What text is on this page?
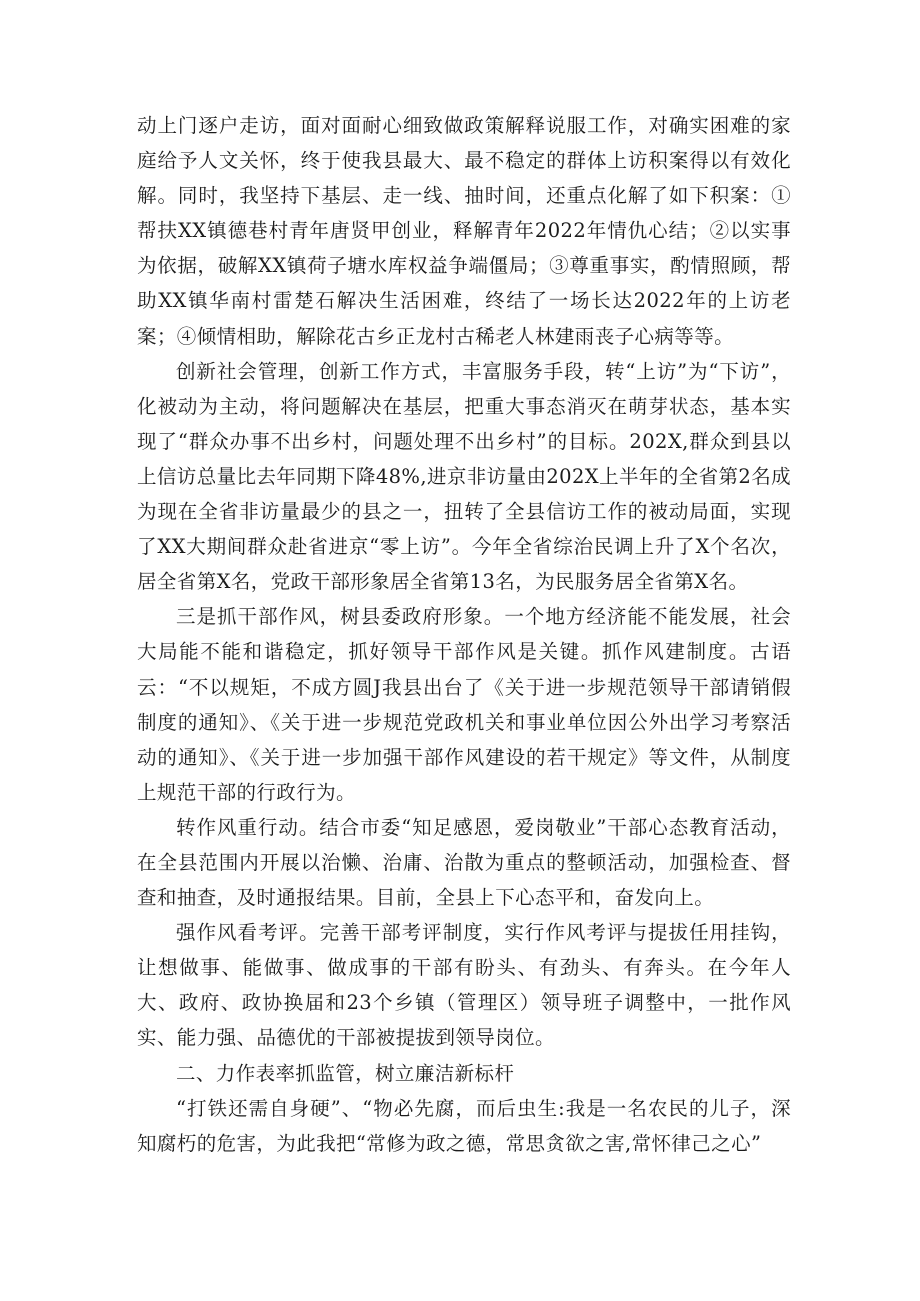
动上门逐户走访，面对面耐心细致做政策解释说服工作，对确实困难的家庭给予人文关怀，终于使我县最大、最不稳定的群体上访积案得以有效化解。同时，我坚持下基层、走一线、抽时间，还重点化解了如下积案：①帮扶XX镇德巷村青年唐贤甲创业，释解青年2022年情仇心结；②以实事为依据，破解XX镇荷子塘水库权益争端僵局；③尊重事实，酌情照顾，帮助XX镇华南村雷楚石解决生活困难，终结了一场长达2022年的上访老案；④倾情相助，解除花古乡正龙村古稀老人林建雨丧子心病等等。

创新社会管理，创新工作方式，丰富服务手段，转“上访”为“下访”，化被动为主动，将问题解决在基层，把重大事态消灭在萌芽状态，基本实现了“群众办事不出乡村，问题处理不出乡村”的目标。202X,群众到县以上信访总量比去年同期下降48%,进京非访量由202X上半年的全省第2名成为现在全省非访量最少的县之一，扭转了全县信访工作的被动局面，实现了XX大期间群众赴省进京“零上访”。今年全省综治民调上升了X个名次，居全省第X名，党政干部形象居全省第13名，为民服务居全省第X名。

三是抓干部作风，树县委政府形象。一个地方经济能不能发展，社会大局能不能和谐稳定，抓好领导干部作风是关键。抓作风建制度。古语云：“不以规矩，不成方圆J我县出台了《关于进一步规范领导干部请销假制度的通知》、《关于进一步规范党政机关和事业单位因公外出学习考察活动的通知》、《关于进一步加强干部作风建设的若干规定》等文件，从制度上规范干部的行政行为。

转作风重行动。结合市委“知足感恩，爱岗敬业”干部心态教育活动，在全县范围内开展以治懒、治庸、治散为重点的整顿活动，加强检查、督查和抽查，及时通报结果。目前，全县上下心态平和，奋发向上。

强作风看考评。完善干部考评制度，实行作风考评与提拔任用挂钩，让想做事、能做事、做成事的干部有盼头、有劲头、有奔头。在今年人大、政府、政协换届和23个乡镇（管理区）领导班子调整中，一批作风实、能力强、品德优的干部被提拔到领导岗位。

二、力作表率抓监管，树立廉洁新标杆

“打铁还需自身硬”、“物必先腐，而后虫生:我是一名农民的儿子，深知腐朽的危害，为此我把“常修为政之德，常思贪欲之害,常怀律己之心”
